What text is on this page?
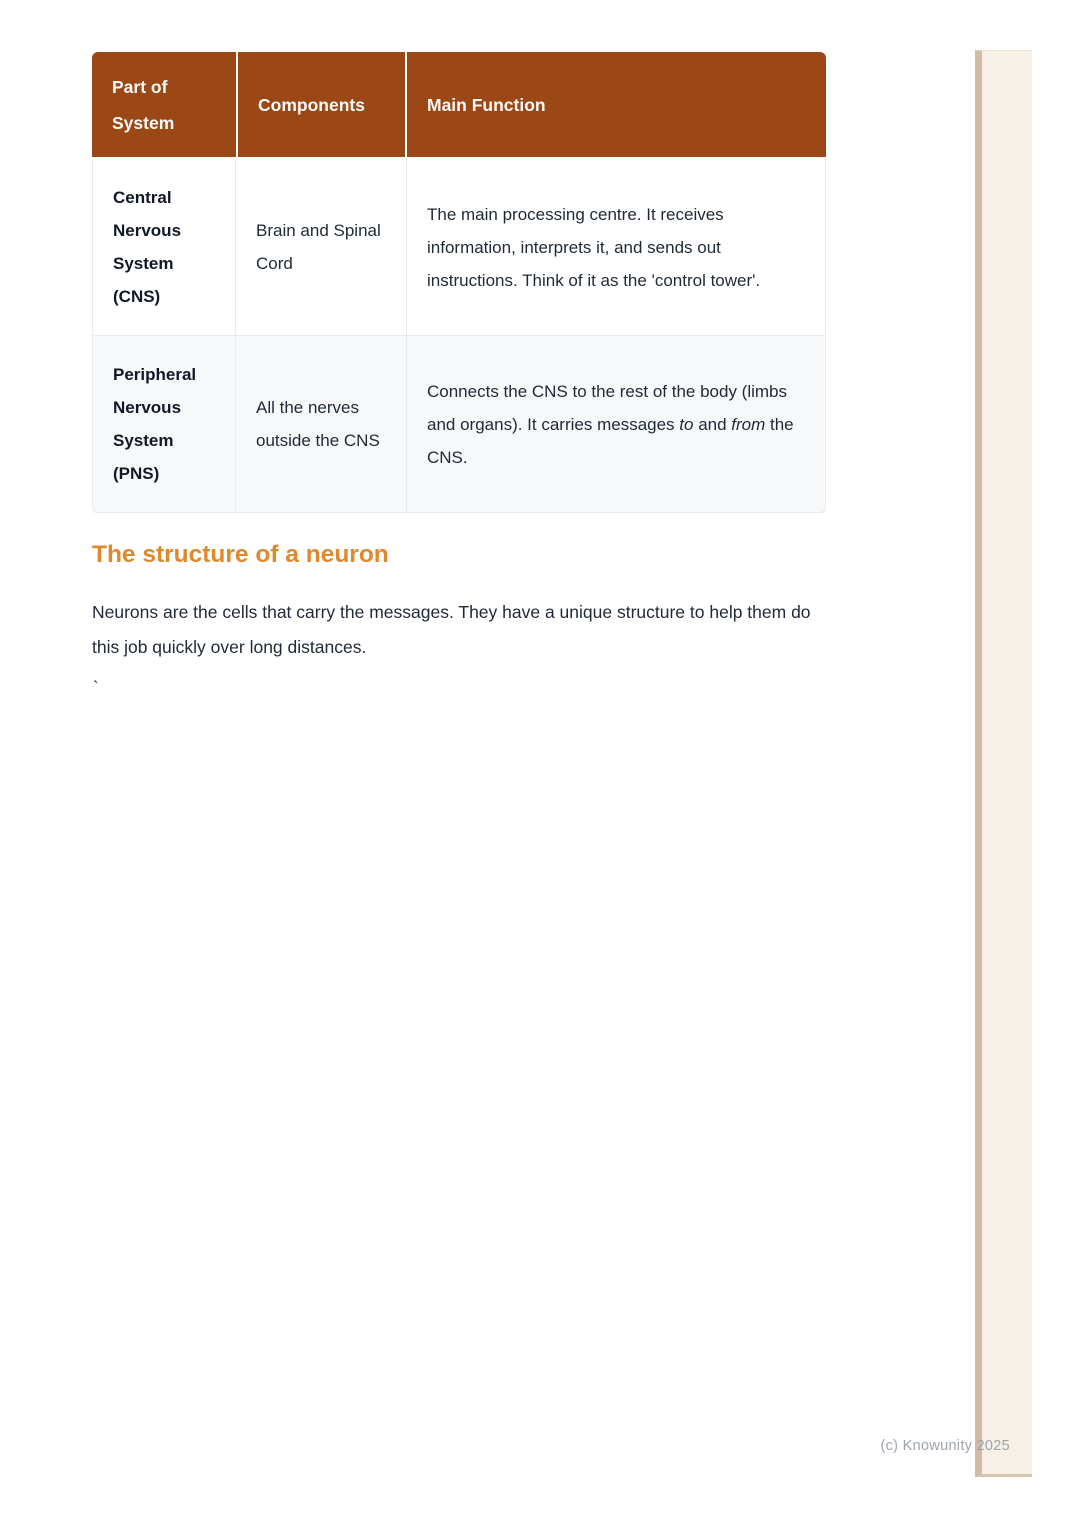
Part of System
Components	Main Function
Central Nervous System (CNS)
Brain and Spinal Cord
The main processing centre. It receives information, interprets it, and sends out instructions. Think of it as the 'control tower'.
Peripheral Nervous System (PNS)
All the nerves outside the CNS
Connects the CNS to the rest of the body (limbs and organs). It carries messages to and from the CNS.
The structure of a neuron

Neurons are the cells that carry the messages. They have a unique structure to help them do this job quickly over long distances.

`
(c) Knowunity 2025
